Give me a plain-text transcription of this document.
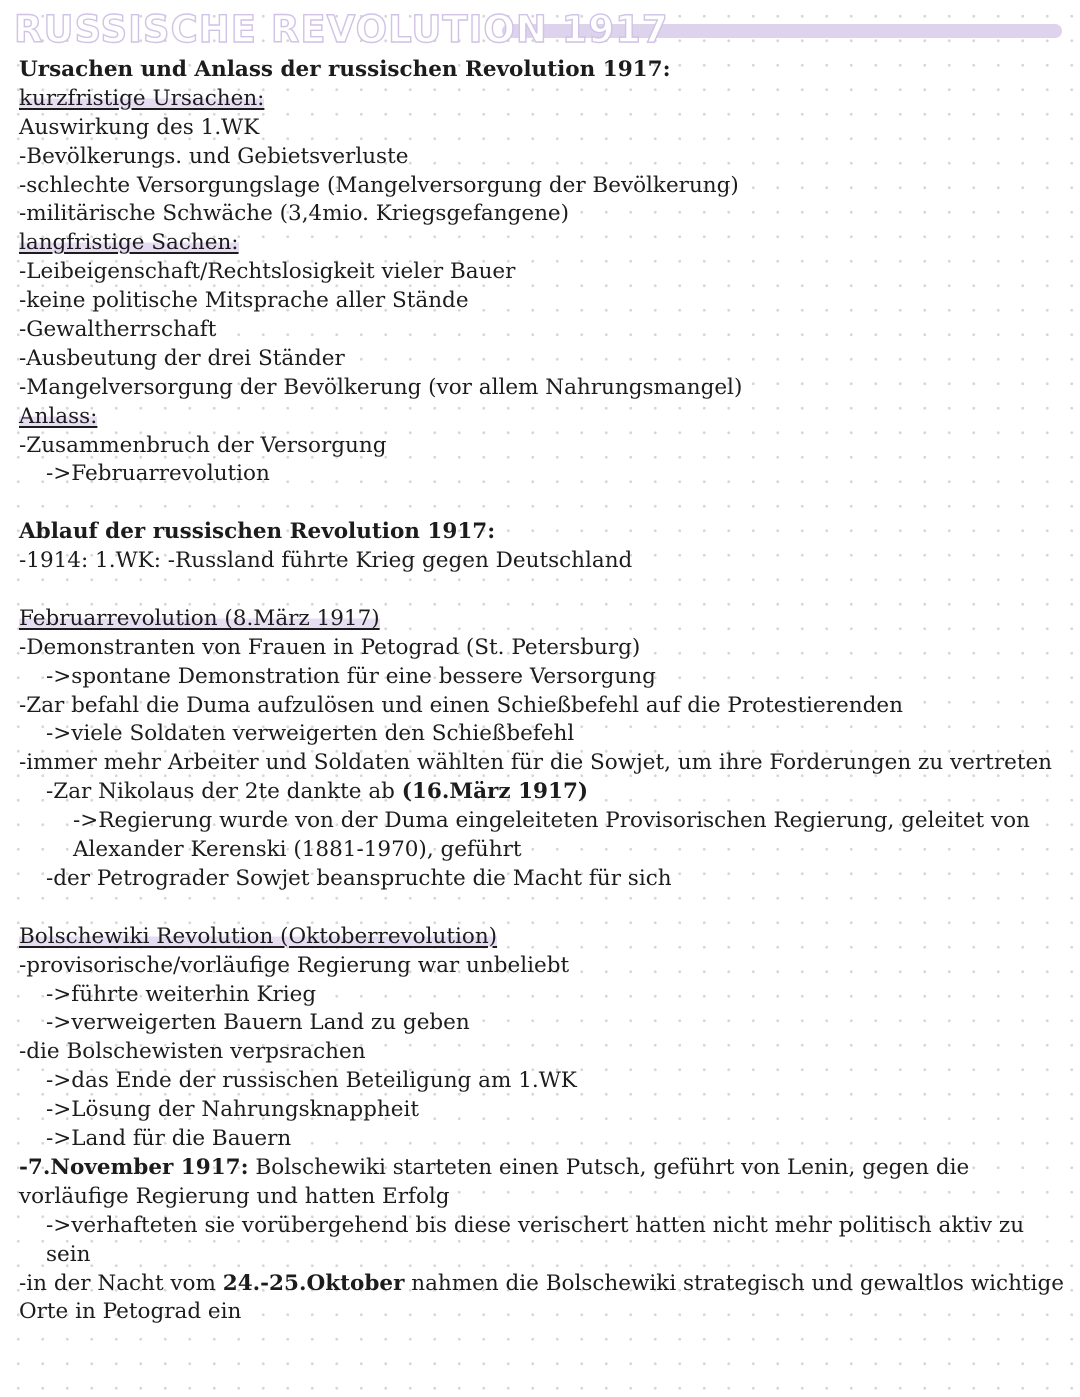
RUSSISCHE REVOLUTION 1917
Ursachen und Anlass der russischen Revolution 1917:
kurzfristige Ursachen:
Auswirkung des 1.WK
-Bevölkerungs. und Gebietsverluste
-schlechte Versorgungslage (Mangelversorgung der Bevölkerung)
-militärische Schwäche (3,4mio. Kriegsgefangene)
langfristige Sachen:
-Leibeigenschaft/Rechtslosigkeit vieler Bauer
-keine politische Mitsprache aller Stände
-Gewaltherrschaft
-Ausbeutung der drei Ständer
-Mangelversorgung der Bevölkerung (vor allem Nahrungsmangel)
Anlass:
-Zusammenbruch der Versorgung
->Februarrevolution
Ablauf der russischen Revolution 1917:
-1914: 1.WK: -Russland führte Krieg gegen Deutschland
Februarrevolution (8.März 1917)
-Demonstranten von Frauen in Petograd (St. Petersburg)
->spontane Demonstration für eine bessere Versorgung
-Zar befahl die Duma aufzulösen und einen Schießbefehl auf die Protestierenden
->viele Soldaten verweigerten den Schießbefehl
-immer mehr Arbeiter und Soldaten wählten für die Sowjet, um ihre Forderungen zu vertreten
-Zar Nikolaus der 2te dankte ab (16.März 1917)
->Regierung wurde von der Duma eingeleiteten Provisorischen Regierung, geleitet von Alexander Kerenski (1881-1970), geführt
-der Petrograder Sowjet beanspruchte die Macht für sich
Bolschewiki Revolution (Oktoberrevolution)
-provisorische/vorläufige Regierung war unbeliebt
->führte weiterhin Krieg
->verweigerten Bauern Land zu geben
-die Bolschewisten verpsrachen
->das Ende der russischen Beteiligung am 1.WK
->Lösung der Nahrungsknappheit
->Land für die Bauern
-7.November 1917: Bolschewiki starteten einen Putsch, geführt von Lenin, gegen die vorläufige Regierung und hatten Erfolg
->verhafteten sie vorübergehend bis diese verischert hatten nicht mehr politisch aktiv zu sein
-in der Nacht vom 24.-25.Oktober nahmen die Bolschewiki strategisch und gewaltlos wichtige Orte in Petograd ein
